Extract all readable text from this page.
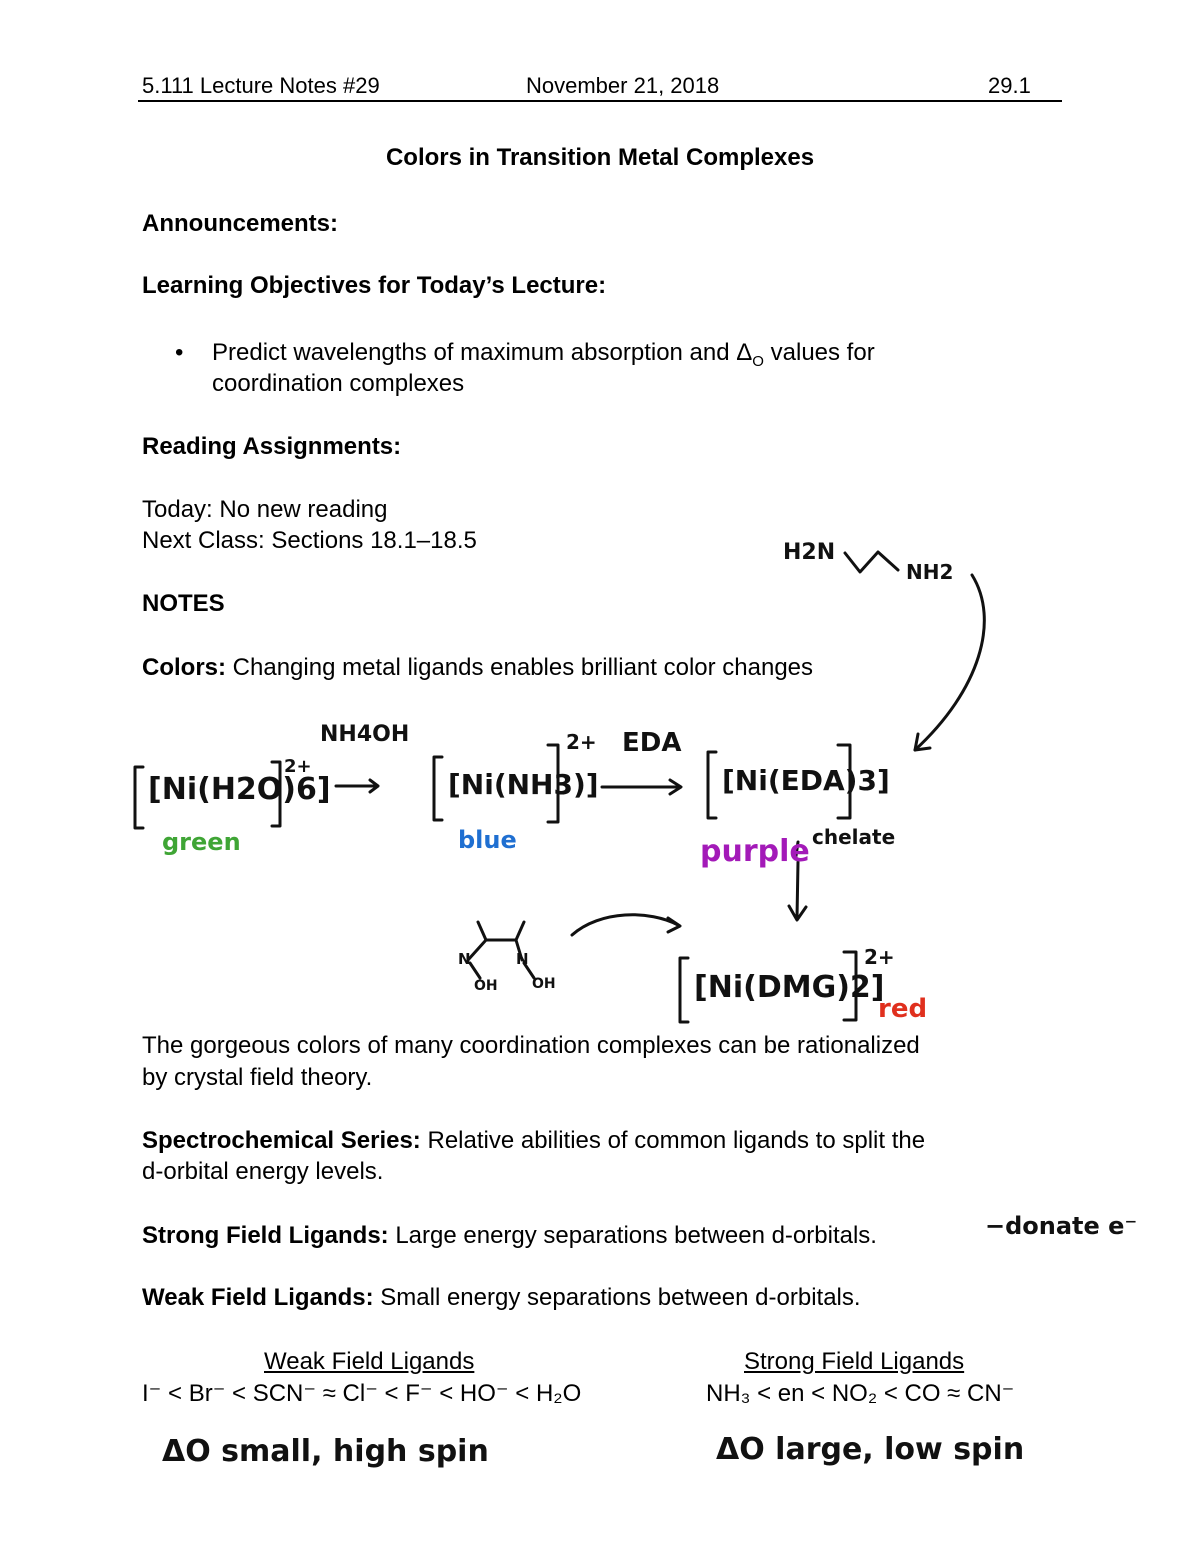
5.111 Lecture Notes #29	November 21, 2018	29.1
Colors in Transition Metal Complexes
Announcements:
Learning Objectives for Today’s Lecture:
• Predict wavelengths of maximum absorption and $\Delta_O$ values for
coordination complexes
Reading Assignments:
Today: No new reading
Next Class: Sections 18.1–18.5
NOTES
Colors: Changing metal ligands enables brilliant color changes
H2N
NH2
NH4OH	EDA
[Ni(H2O)6]
2+
green
[Ni(NH3)]
2+
blue
[Ni(EDA)3]
purple chelate
N	N
OH OH	[Ni(DMG)2]
2+
red
The gorgeous colors of many coordination complexes can be rationalized
by crystal field theory.
Spectrochemical Series: Relative abilities of common ligands to split the
d-orbital energy levels.
Strong Field Ligands: Large energy separations between d-orbitals.	−donate e⁻
Weak Field Ligands: Small energy separations between d-orbitals.
Weak Field Ligands
I⁻ < Br⁻ < SCN⁻ ≈ Cl⁻ < F⁻ < HO⁻ < H₂O
Strong Field Ligands
NH₃ < en < NO₂ < CO ≈ CN⁻
ΔO small, high spin	ΔO large, low spin
